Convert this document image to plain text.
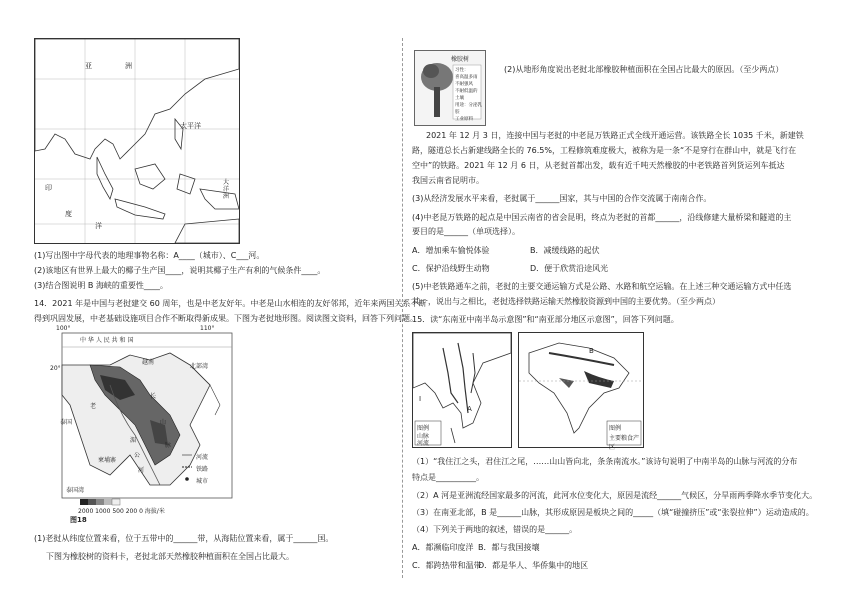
亚	洲
太平洋
印
度
洋
大洋洲
(1)写出图中字母代表的地理事物名称：A____（城市）、C___河。
(2)该地区有世界上最大的椰子生产国____，说明其椰子生产有利的气候条件____。
(3)结合图说明 B 海峡的重要性____。
14．2021 年是中国与老挝建交 60 周年，也是中老友好年。中老是山水相连的友好邻邦，近年来两国关系不断
得到巩固发展，中老基础设施项目合作不断取得新成果。下图为老挝地形图。阅读图文资料，回答下列问题。
100°	110°
20°
中 华 人 民 共 和 国
越南
北部湾
老
长
山
脉
泰国
湄
公
河
柬埔寨
泰国湾
河流
铁路
城市
2000 1000 500 200 0 海拔/米
图18
(1)老挝从纬度位置来看，位于五带中的______带，从海陆位置来看，属于______国。
下图为橡胶树的资料卡，老挝北部天然橡胶种植面积在全国占比最大。
橡胶树
习性：
喜高温多雨
不耐强风
不耐低温的
土壤
用途：分泌乳胶
工业原料
(2)从地形角度说出老挝北部橡胶种植面积在全国占比最大的原因。（至少两点）
2021 年 12 月 3 日，连接中国与老挝的中老昆万铁路正式全线开通运营。该铁路全长 1035 千米，新建铁
路，隧道总长占新建线路全长的 76.5%，工程修筑难度极大，被称为是一条“不是穿行在群山中，就是飞行在
空中”的铁路。2021 年 12 月 6 日，从老挝首都出发，载有近千吨天然橡胶的中老铁路首列货运列车抵达
我国云南省昆明市。
(3)从经济发展水平来看，老挝属于______国家，其与中国的合作交流属于南南合作。
(4)中老昆万铁路的起点是中国云南省的省会昆明，终点为老挝的首都______，沿线修建大量桥梁和隧道的主
要目的是______（单项选择）。
A．增加乘车愉悦体验	B．减缓线路的起伏
C．保护沿线野生动物	D．便于欣赏沿途风光
(5)中老铁路通车之前，老挝的主要交通运输方式是公路、水路和航空运输。在上述三种交通运输方式中任选
其一，说出与之相比，老挝选择铁路运输天然橡胶资源到中国的主要优势。（至少两点）
15．读“东南亚中南半岛示意图”和“南亚部分地区示意图”，回答下列问题。
A
I
图例
山脉
河流
B
图例
主要粮食产区
（1）“我住江之头，君住江之尾，……山山皆向北，条条南流水。”该诗句说明了中南半岛的山脉与河流的分布
特点是__________。
（2）A 河是亚洲流经国家最多的河流，此河水位变化大，原因是流经______气候区，分旱雨两季降水季节变化大。
（3）在南亚北部，B 是______山脉，其形成原因是板块之间的_____（填“碰撞挤压”或“张裂拉伸”）运动造成的。
（4）下列关于两地的叙述，错误的是______。
A．都濒临印度洋 B．都与我国接壤
C．都跨热带和温带
D．都是华人、华侨集中的地区
